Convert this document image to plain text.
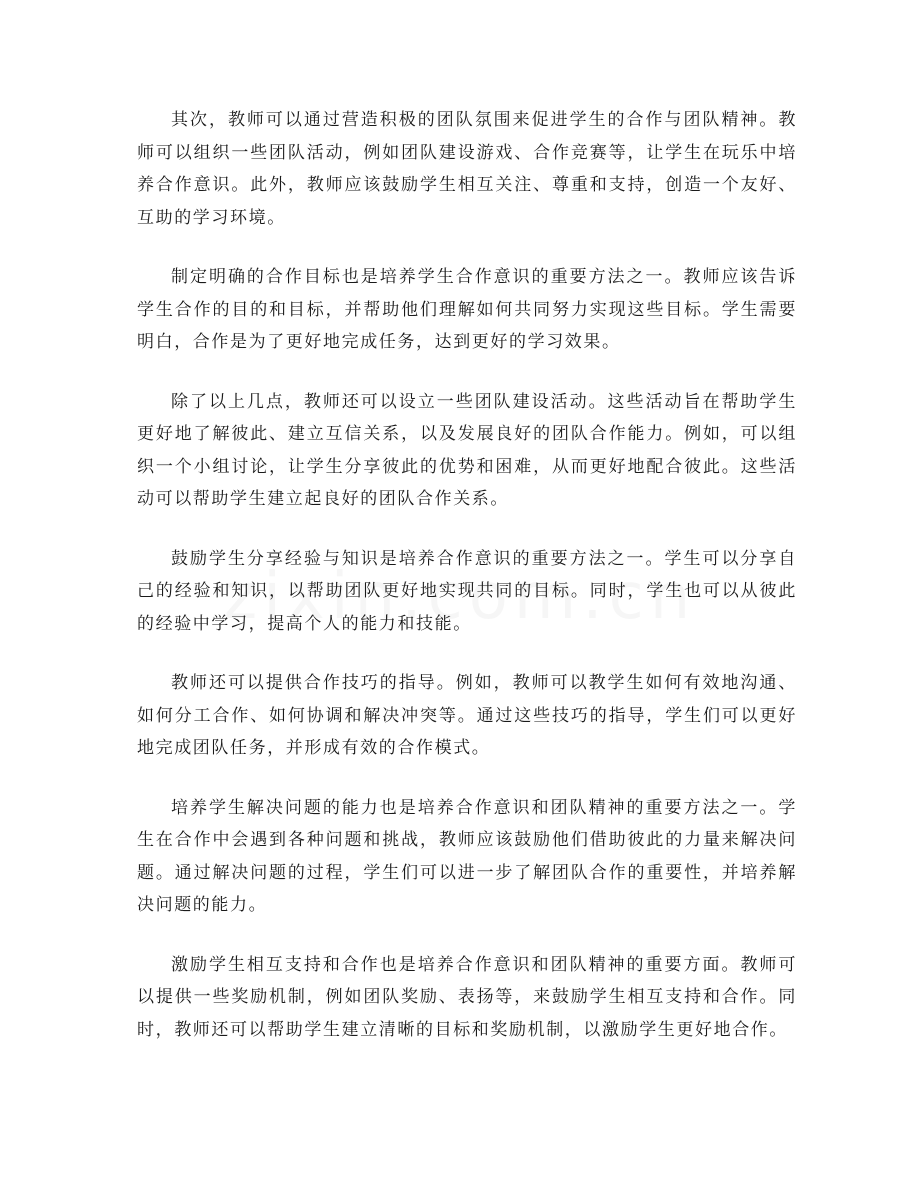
其次，教师可以通过营造积极的团队氛围来促进学生的合作与团队精神。教师可以组织一些团队活动，例如团队建设游戏、合作竞赛等，让学生在玩乐中培养合作意识。此外，教师应该鼓励学生相互关注、尊重和支持，创造一个友好、互助的学习环境。

制定明确的合作目标也是培养学生合作意识的重要方法之一。教师应该告诉学生合作的目的和目标，并帮助他们理解如何共同努力实现这些目标。学生需要明白，合作是为了更好地完成任务，达到更好的学习效果。

除了以上几点，教师还可以设立一些团队建设活动。这些活动旨在帮助学生更好地了解彼此、建立互信关系，以及发展良好的团队合作能力。例如，可以组织一个小组讨论，让学生分享彼此的优势和困难，从而更好地配合彼此。这些活动可以帮助学生建立起良好的团队合作关系。

鼓励学生分享经验与知识是培养合作意识的重要方法之一。学生可以分享自己的经验和知识，以帮助团队更好地实现共同的目标。同时，学生也可以从彼此的经验中学习，提高个人的能力和技能。

教师还可以提供合作技巧的指导。例如，教师可以教学生如何有效地沟通、如何分工合作、如何协调和解决冲突等。通过这些技巧的指导，学生们可以更好地完成团队任务，并形成有效的合作模式。

培养学生解决问题的能力也是培养合作意识和团队精神的重要方法之一。学生在合作中会遇到各种问题和挑战，教师应该鼓励他们借助彼此的力量来解决问题。通过解决问题的过程，学生们可以进一步了解团队合作的重要性，并培养解决问题的能力。

激励学生相互支持和合作也是培养合作意识和团队精神的重要方面。教师可以提供一些奖励机制，例如团队奖励、表扬等，来鼓励学生相互支持和合作。同时，教师还可以帮助学生建立清晰的目标和奖励机制，以激励学生更好地合作。
